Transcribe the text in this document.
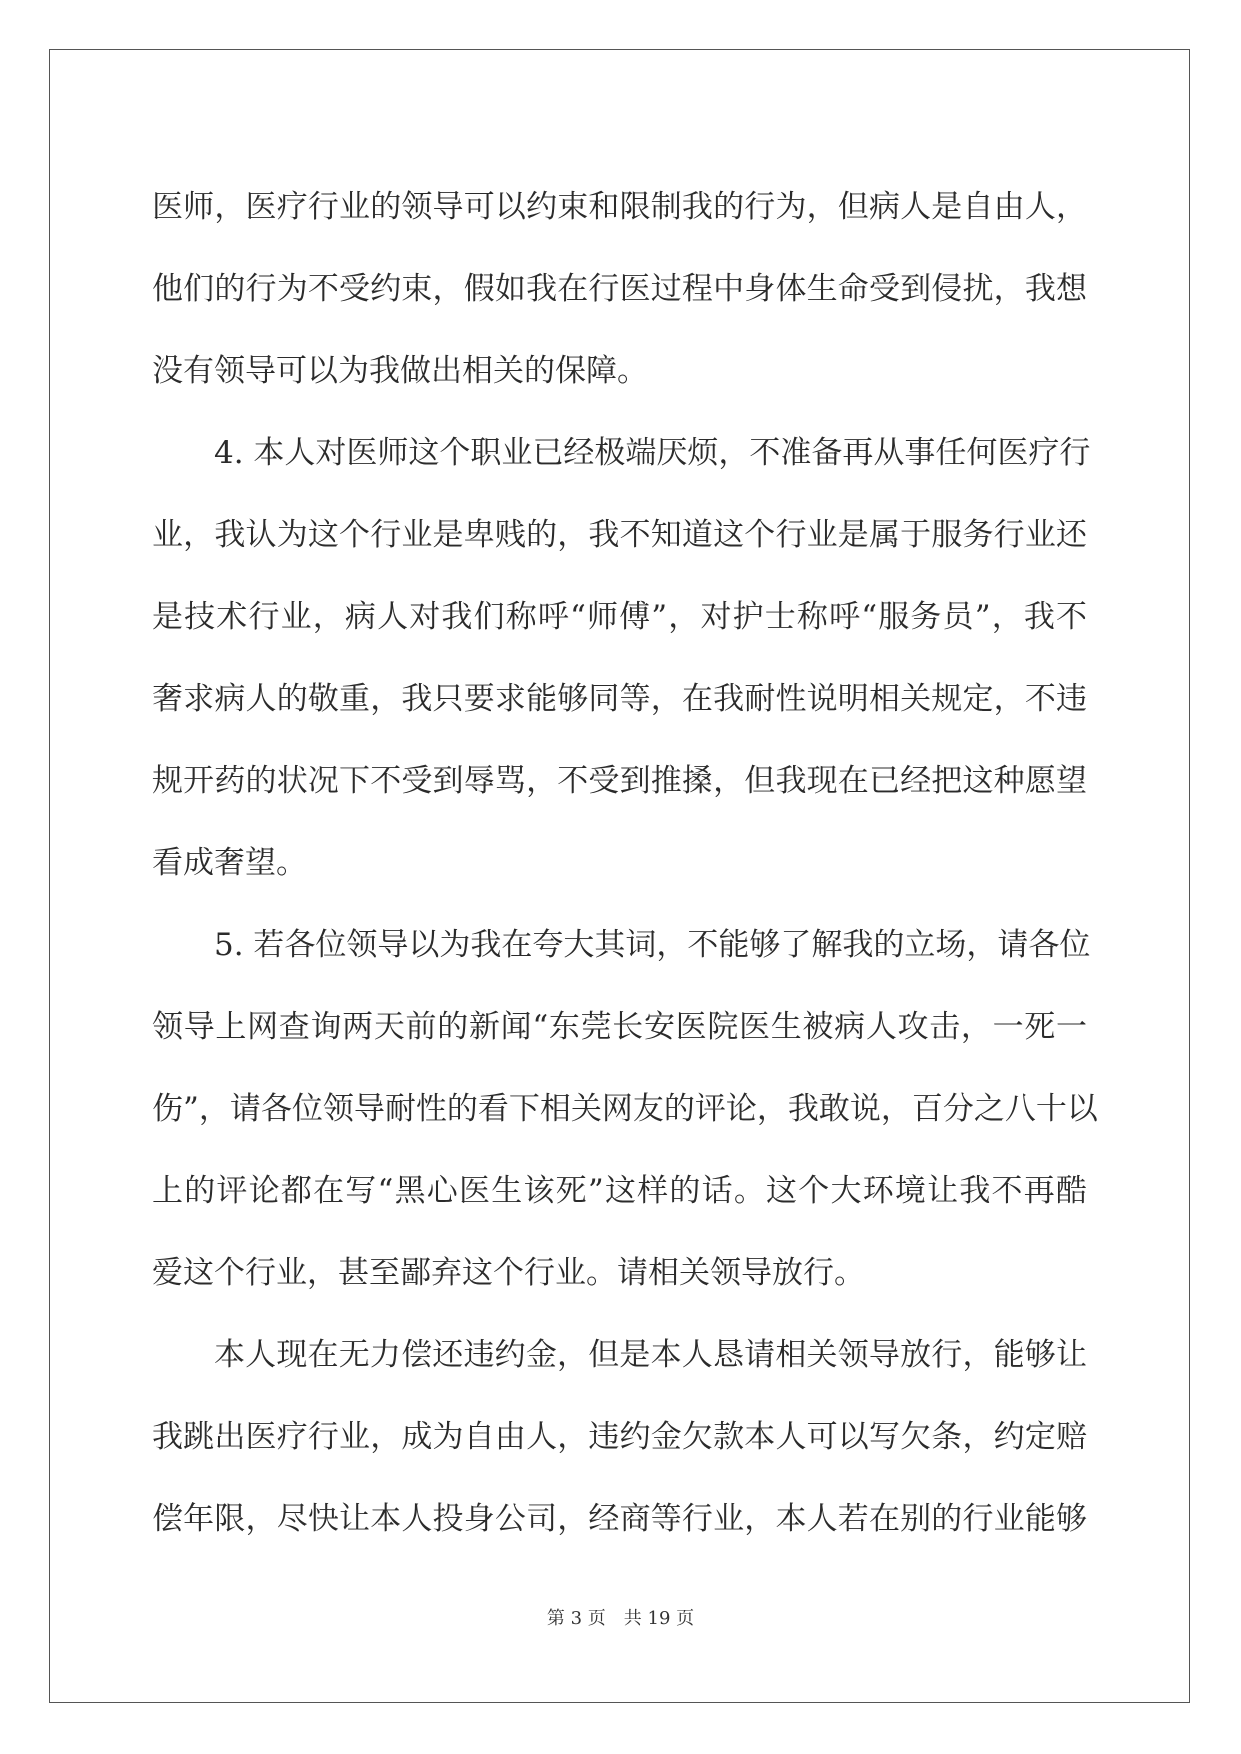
医师，医疗行业的领导可以约束和限制我的行为，但病人是自由人，
他们的行为不受约束，假如我在行医过程中身体生命受到侵扰，我想
没有领导可以为我做出相关的保障。

4. 本人对医师这个职业已经极端厌烦，不准备再从事任何医疗行
业，我认为这个行业是卑贱的，我不知道这个行业是属于服务行业还
是技术行业，病人对我们称呼“师傅”，对护士称呼“服务员”，我不
奢求病人的敬重，我只要求能够同等，在我耐性说明相关规定，不违
规开药的状况下不受到辱骂，不受到推搡，但我现在已经把这种愿望
看成奢望。

5. 若各位领导以为我在夸大其词，不能够了解我的立场，请各位
领导上网查询两天前的新闻“东莞长安医院医生被病人攻击，一死一
伤”，请各位领导耐性的看下相关网友的评论，我敢说，百分之八十以
上的评论都在写“黑心医生该死”这样的话。这个大环境让我不再酷
爱这个行业，甚至鄙弃这个行业。请相关领导放行。

本人现在无力偿还违约金，但是本人恳请相关领导放行，能够让
我跳出医疗行业，成为自由人，违约金欠款本人可以写欠条，约定赔
偿年限，尽快让本人投身公司，经商等行业，本人若在别的行业能够

第 3 页 共 19 页
